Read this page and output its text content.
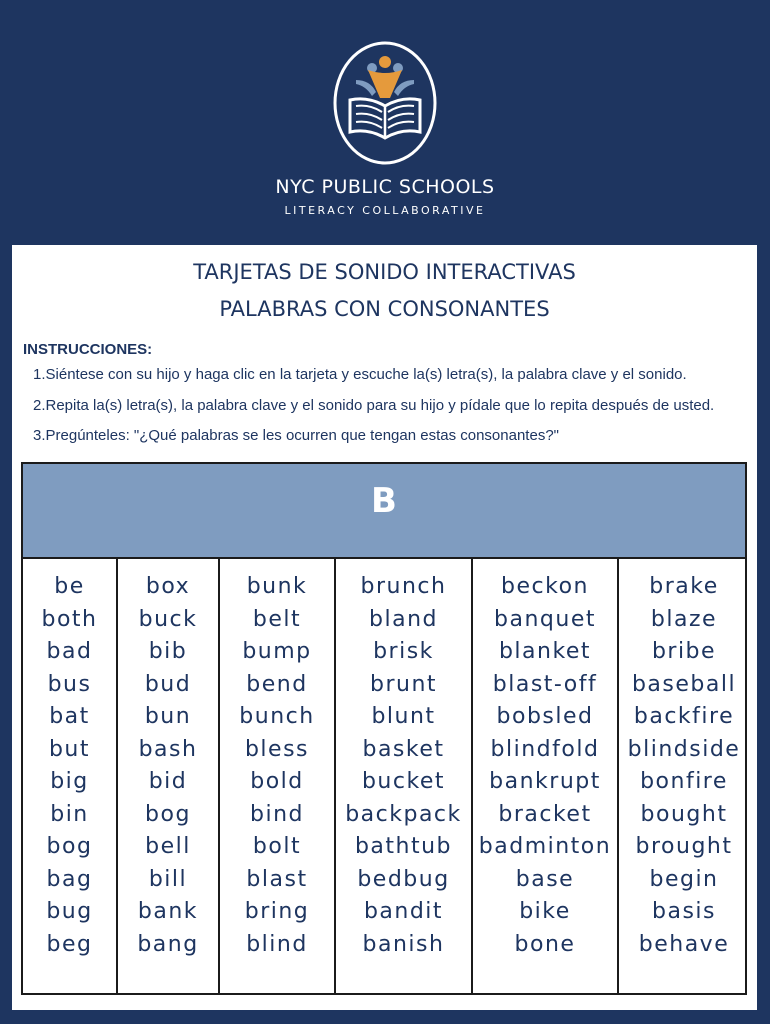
NYC PUBLIC SCHOOLS
LITERACY COLLABORATIVE
TARJETAS DE SONIDO INTERACTIVAS
PALABRAS CON CONSONANTES
INSTRUCCIONES:
1.Siéntese con su hijo y haga clic en la tarjeta y escuche la(s) letra(s), la palabra clave y el sonido.
2.Repita la(s) letra(s), la palabra clave y el sonido para su hijo y pídale que lo repita después de usted.
3.Pregúnteles: "¿Qué palabras se les ocurren que tengan estas consonantes?"
B
be
both
bad
bus
bat
but
big
bin
bog
bag
bug
beg
box
buck
bib
bud
bun
bash
bid
bog
bell
bill
bank
bang
bunk
belt
bump
bend
bunch
bless
bold
bind
bolt
blast
bring
blind
brunch
bland
brisk
brunt
blunt
basket
bucket
backpack
bathtub
bedbug
bandit
banish
beckon
banquet
blanket
blast-off
bobsled
blindfold
bankrupt
bracket
badminton
base
bike
bone
brake
blaze
bribe
baseball
backfire
blindside
bonfire
bought
brought
begin
basis
behave
